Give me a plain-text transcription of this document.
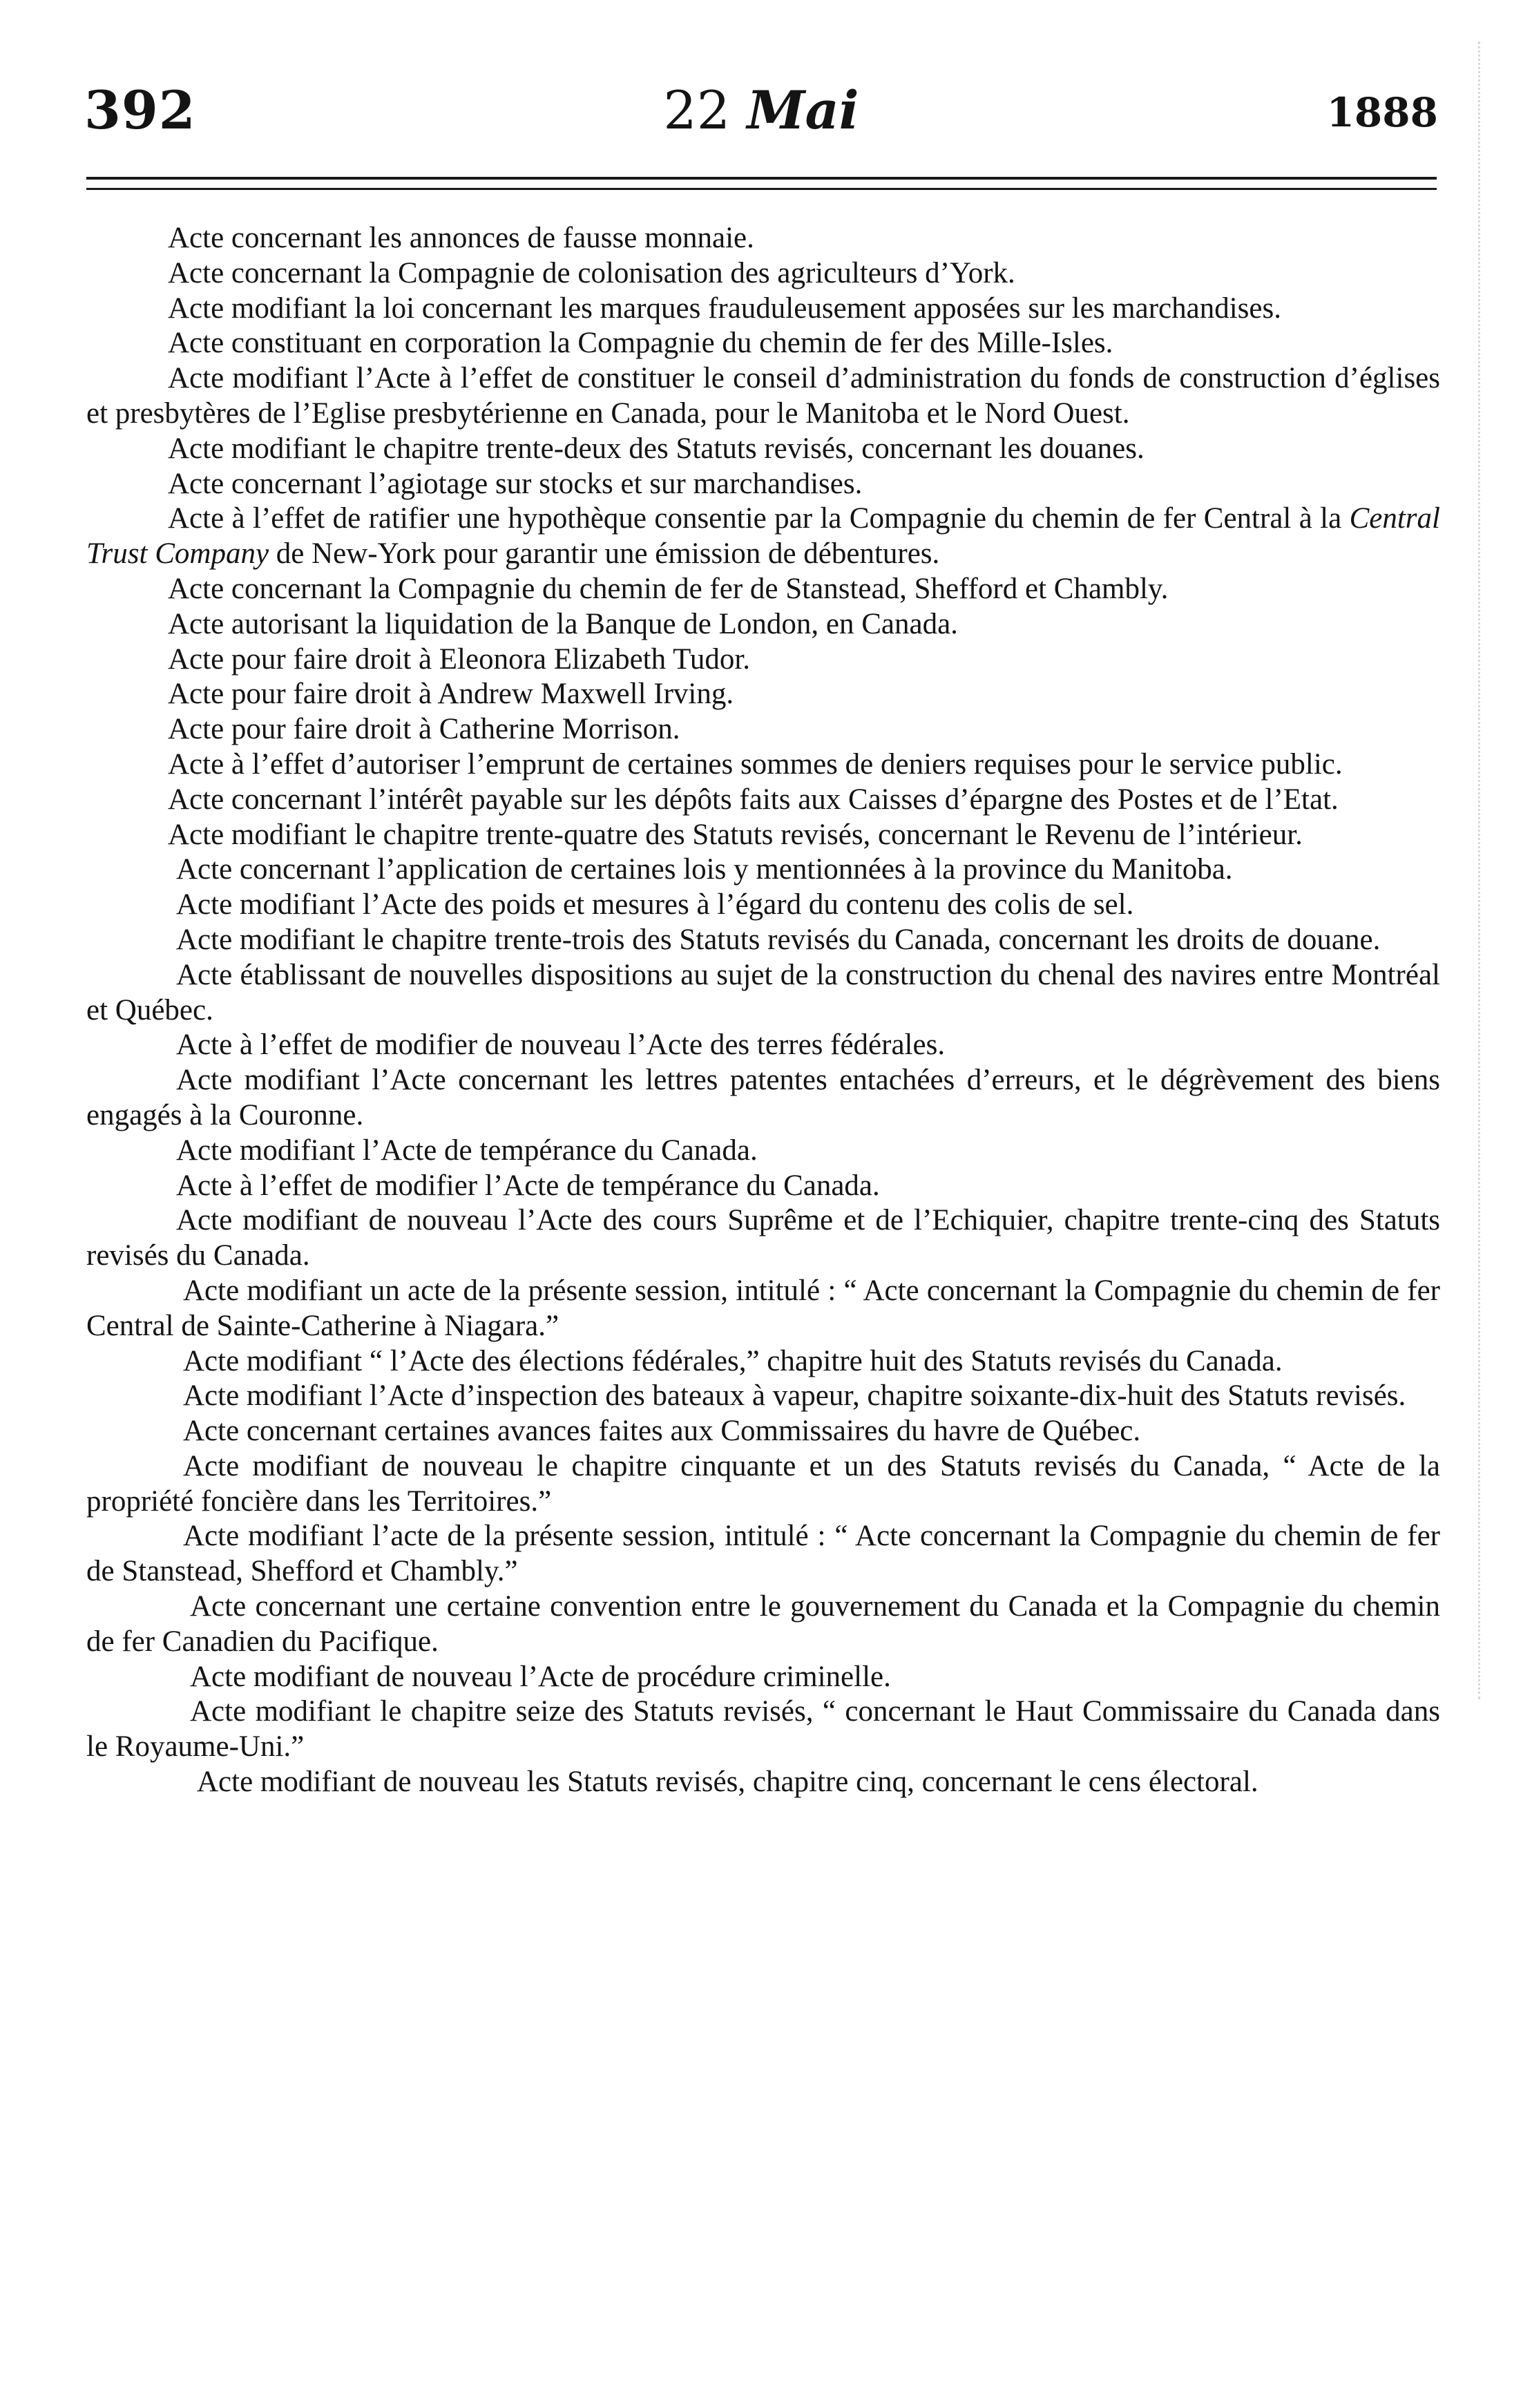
392	22 Mai	1888

Acte concernant les annonces de fausse monnaie.

Acte concernant la Compagnie de colonisation des agriculteurs d’York.

Acte modifiant la loi concernant les marques frauduleusement apposées sur les marchandises.

Acte constituant en corporation la Compagnie du chemin de fer des Mille-Isles.

Acte modifiant l’Acte à l’effet de constituer le conseil d’administration du fonds de construction d’églises et presbytères de l’Eglise presbytérienne en Canada, pour le Manitoba et le Nord Ouest.

Acte modifiant le chapitre trente-deux des Statuts revisés, concernant les douanes.

Acte concernant l’agiotage sur stocks et sur marchandises.

Acte à l’effet de ratifier une hypothèque consentie par la Compagnie du chemin de fer Central à la Central Trust Company de New-York pour garantir une émission de débentures.

Acte concernant la Compagnie du chemin de fer de Stanstead, Shefford et Chambly.

Acte autorisant la liquidation de la Banque de London, en Canada.

Acte pour faire droit à Eleonora Elizabeth Tudor.

Acte pour faire droit à Andrew Maxwell Irving.

Acte pour faire droit à Catherine Morrison.

Acte à l’effet d’autoriser l’emprunt de certaines sommes de deniers requises pour le service public.

Acte concernant l’intérêt payable sur les dépôts faits aux Caisses d’épargne des Postes et de l’Etat.

Acte modifiant le chapitre trente-quatre des Statuts revisés, concernant le Revenu de l’intérieur.

Acte concernant l’application de certaines lois y mentionnées à la province du Manitoba.

Acte modifiant l’Acte des poids et mesures à l’égard du contenu des colis de sel.

Acte modifiant le chapitre trente-trois des Statuts revisés du Canada, concernant les droits de douane.

Acte établissant de nouvelles dispositions au sujet de la construction du chenal des navires entre Montréal et Québec.

Acte à l’effet de modifier de nouveau l’Acte des terres fédérales.

Acte modifiant l’Acte concernant les lettres patentes entachées d’erreurs, et le dégrèvement des biens engagés à la Couronne.

Acte modifiant l’Acte de tempérance du Canada.

Acte à l’effet de modifier l’Acte de tempérance du Canada.

Acte modifiant de nouveau l’Acte des cours Suprême et de l’Echiquier, chapitre trente-cinq des Statuts revisés du Canada.

Acte modifiant un acte de la présente session, intitulé : “ Acte concernant la Compagnie du chemin de fer Central de Sainte-Catherine à Niagara.”

Acte modifiant “ l’Acte des élections fédérales,” chapitre huit des Statuts revisés du Canada.

Acte modifiant l’Acte d’inspection des bateaux à vapeur, chapitre soixante-dix-huit des Statuts revisés.

Acte concernant certaines avances faites aux Commissaires du havre de Québec.

Acte modifiant de nouveau le chapitre cinquante et un des Statuts revisés du Canada, “ Acte de la propriété foncière dans les Territoires.”

Acte modifiant l’acte de la présente session, intitulé : “ Acte concernant la Compagnie du chemin de fer de Stanstead, Shefford et Chambly.”

Acte concernant une certaine convention entre le gouvernement du Canada et la Compagnie du chemin de fer Canadien du Pacifique.

Acte modifiant de nouveau l’Acte de procédure criminelle.

Acte modifiant le chapitre seize des Statuts revisés, “ concernant le Haut Commissaire du Canada dans le Royaume-Uni.”

Acte modifiant de nouveau les Statuts revisés, chapitre cinq, concernant le cens électoral.
